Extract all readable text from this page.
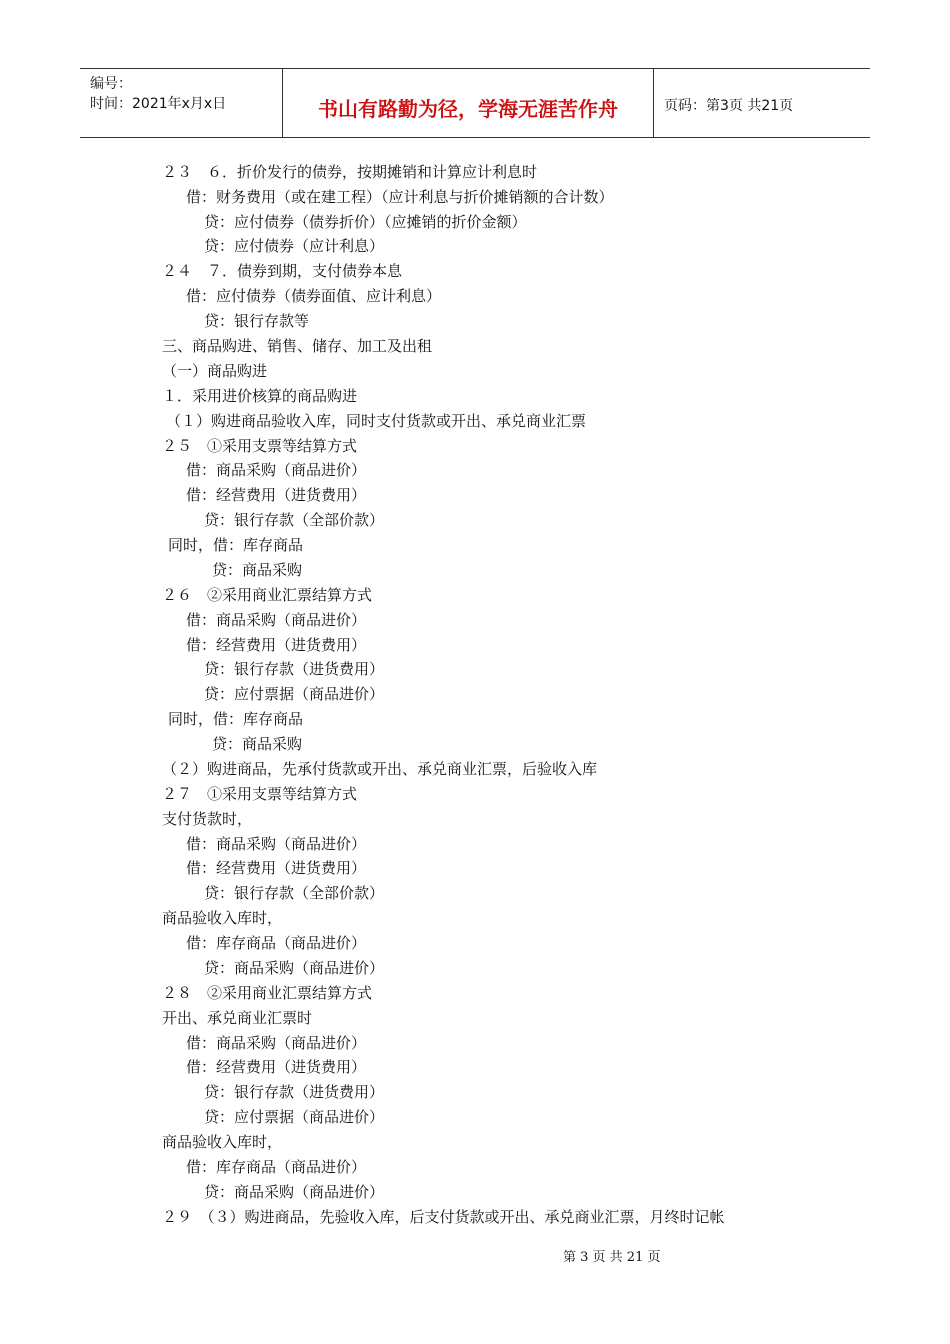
编号：
时间：2021年x月x日	书山有路勤为径，学海无涯苦作舟	页码：第3页 共21页
２３　６．折价发行的债券，按期摊销和计算应计利息时
借：财务费用（或在建工程）（应计利息与折价摊销额的合计数）
贷：应付债券（债券折价）（应摊销的折价金额）
贷：应付债券（应计利息）
２４　７．债券到期，支付债券本息
借：应付债券（债券面值、应计利息）
贷：银行存款等
三、商品购进、销售、储存、加工及出租
（一）商品购进
１．采用进价核算的商品购进
（１）购进商品验收入库，同时支付货款或开出、承兑商业汇票
２５　①采用支票等结算方式
借：商品采购（商品进价）
借：经营费用（进货费用）
贷：银行存款（全部价款）
同时，借：库存商品
贷：商品采购
２６　②采用商业汇票结算方式
借：商品采购（商品进价）
借：经营费用（进货费用）
贷：银行存款（进货费用）
贷：应付票据（商品进价）
同时，借：库存商品
贷：商品采购
（２）购进商品，先承付货款或开出、承兑商业汇票，后验收入库
２７　①采用支票等结算方式
支付货款时，
借：商品采购（商品进价）
借：经营费用（进货费用）
贷：银行存款（全部价款）
商品验收入库时，
借：库存商品（商品进价）
贷：商品采购（商品进价）
２８　②采用商业汇票结算方式
开出、承兑商业汇票时
借：商品采购（商品进价）
借：经营费用（进货费用）
贷：银行存款（进货费用）
贷：应付票据（商品进价）
商品验收入库时，
借：库存商品（商品进价）
贷：商品采购（商品进价）
２９　（３）购进商品，先验收入库，后支付货款或开出、承兑商业汇票，月终时记帐
第 3 页 共 21 页
